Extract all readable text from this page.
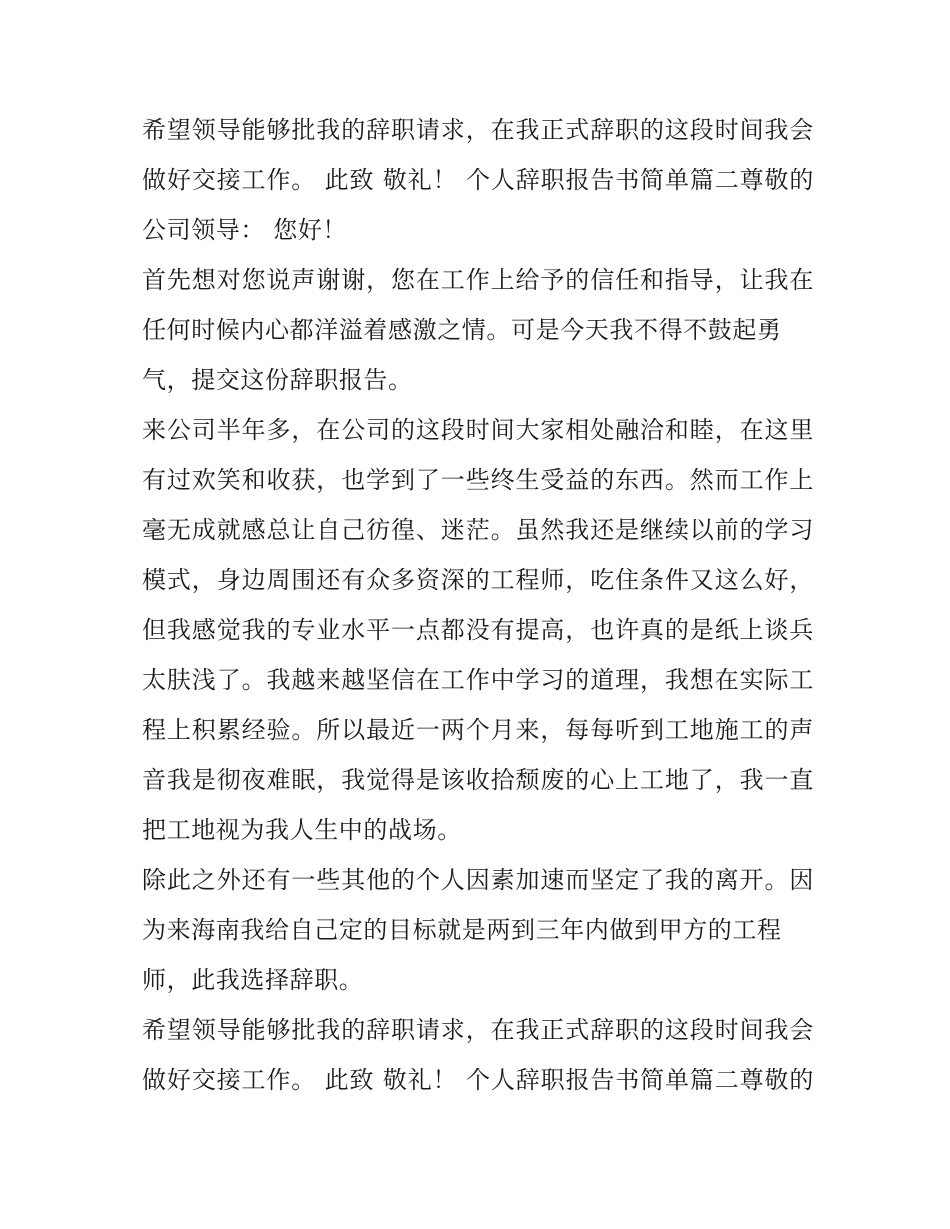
希望领导能够批我的辞职请求，在我正式辞职的这段时间我会
做好交接工作。 此致 敬礼！ 个人辞职报告书简单篇二尊敬的
公司领导： 您好！
首先想对您说声谢谢，您在工作上给予的信任和指导，让我在
任何时候内心都洋溢着感激之情。可是今天我不得不鼓起勇
气，提交这份辞职报告。
来公司半年多，在公司的这段时间大家相处融洽和睦，在这里
有过欢笑和收获，也学到了一些终生受益的东西。然而工作上
毫无成就感总让自己彷徨、迷茫。虽然我还是继续以前的学习
模式，身边周围还有众多资深的工程师，吃住条件又这么好，
但我感觉我的专业水平一点都没有提高，也许真的是纸上谈兵
太肤浅了。我越来越坚信在工作中学习的道理，我想在实际工
程上积累经验。所以最近一两个月来，每每听到工地施工的声
音我是彻夜难眠，我觉得是该收拾颓废的心上工地了，我一直
把工地视为我人生中的战场。
除此之外还有一些其他的个人因素加速而坚定了我的离开。因
为来海南我给自己定的目标就是两到三年内做到甲方的工程
师，此我选择辞职。
希望领导能够批我的辞职请求，在我正式辞职的这段时间我会
做好交接工作。 此致 敬礼！ 个人辞职报告书简单篇二尊敬的
